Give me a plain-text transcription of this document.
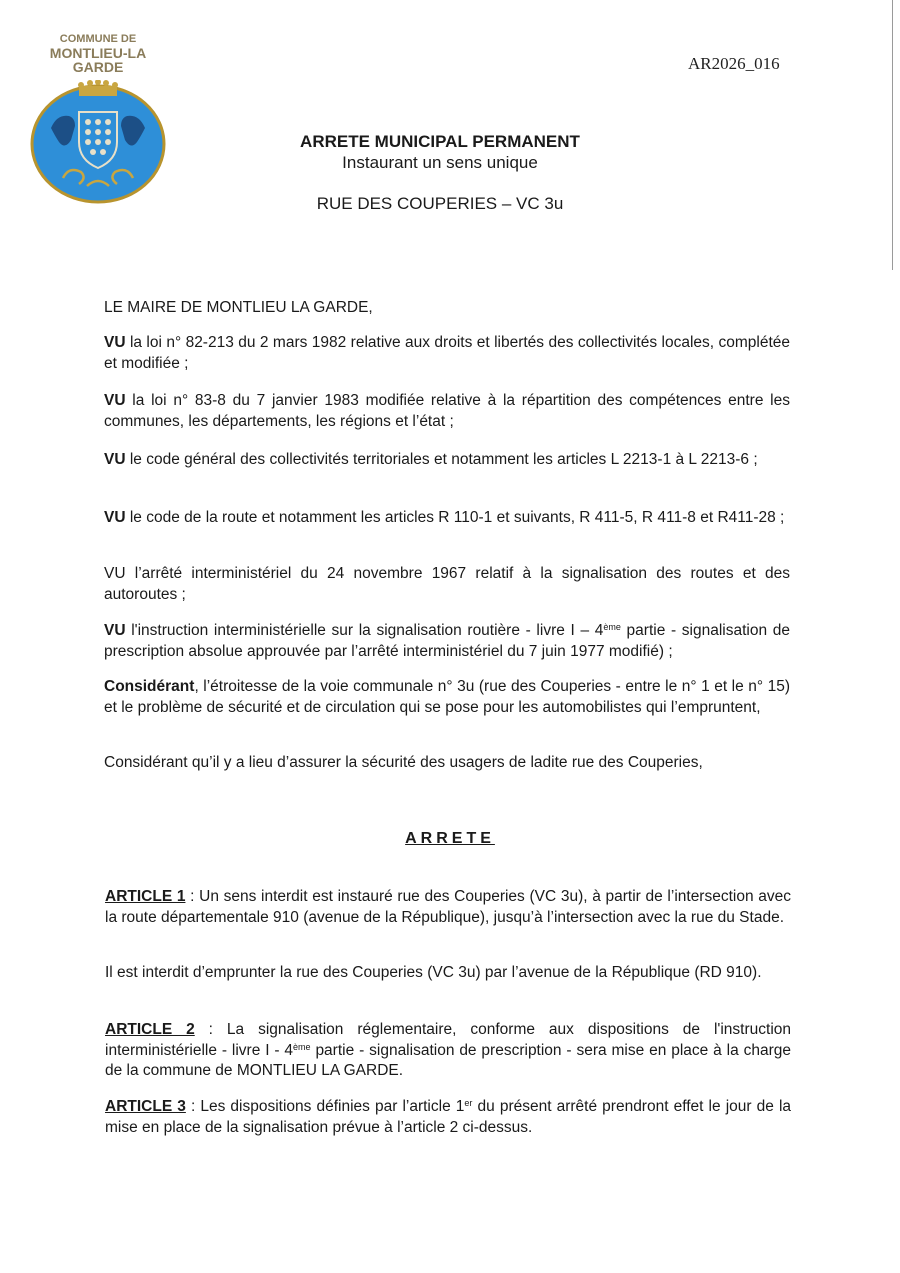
COMMUNE DE
MONTLIEU-LA GARDE	AR2026_016
ARRETE MUNICIPAL PERMANENT
Instaurant un sens unique
RUE DES COUPERIES – VC 3u
LE MAIRE DE MONTLIEU LA GARDE,
VU la loi n° 82-213 du 2 mars 1982 relative aux droits et libertés des collectivités locales, complétée et modifiée ;
VU la loi n° 83-8 du 7 janvier 1983 modifiée relative à la répartition des compétences entre les communes, les départements, les régions et l’état ;
VU le code général des collectivités territoriales et notamment les articles L 2213-1 à L 2213-6 ;
VU le code de la route et notamment les articles R 110-1 et suivants, R 411-5, R 411-8 et R411-28 ;
VU l’arrêté interministériel du 24 novembre 1967 relatif à la signalisation des routes et des autoroutes ;
VU l'instruction interministérielle sur la signalisation routière - livre I – 4ème partie - signalisation de prescription absolue approuvée par l’arrêté interministériel du 7 juin 1977 modifié) ;
Considérant, l’étroitesse de la voie communale n° 3u (rue des Couperies - entre le n° 1 et le n° 15) et le problème de sécurité et de circulation qui se pose pour les automobilistes qui l’empruntent,
Considérant qu’il y a lieu d’assurer la sécurité des usagers de ladite rue des Couperies,
ARRETE
ARTICLE 1 : Un sens interdit est instauré rue des Couperies (VC 3u), à partir de l’intersection avec la route départementale 910 (avenue de la République), jusqu’à l’intersection avec la rue du Stade.
Il est interdit d’emprunter la rue des Couperies (VC 3u) par l’avenue de la République (RD 910).
ARTICLE 2 : La signalisation réglementaire, conforme aux dispositions de l'instruction interministérielle - livre I - 4ème partie - signalisation de prescription - sera mise en place à la charge de la commune de MONTLIEU LA GARDE.
ARTICLE 3 : Les dispositions définies par l’article 1er du présent arrêté prendront effet le jour de la mise en place de la signalisation prévue à l’article 2 ci-dessus.
